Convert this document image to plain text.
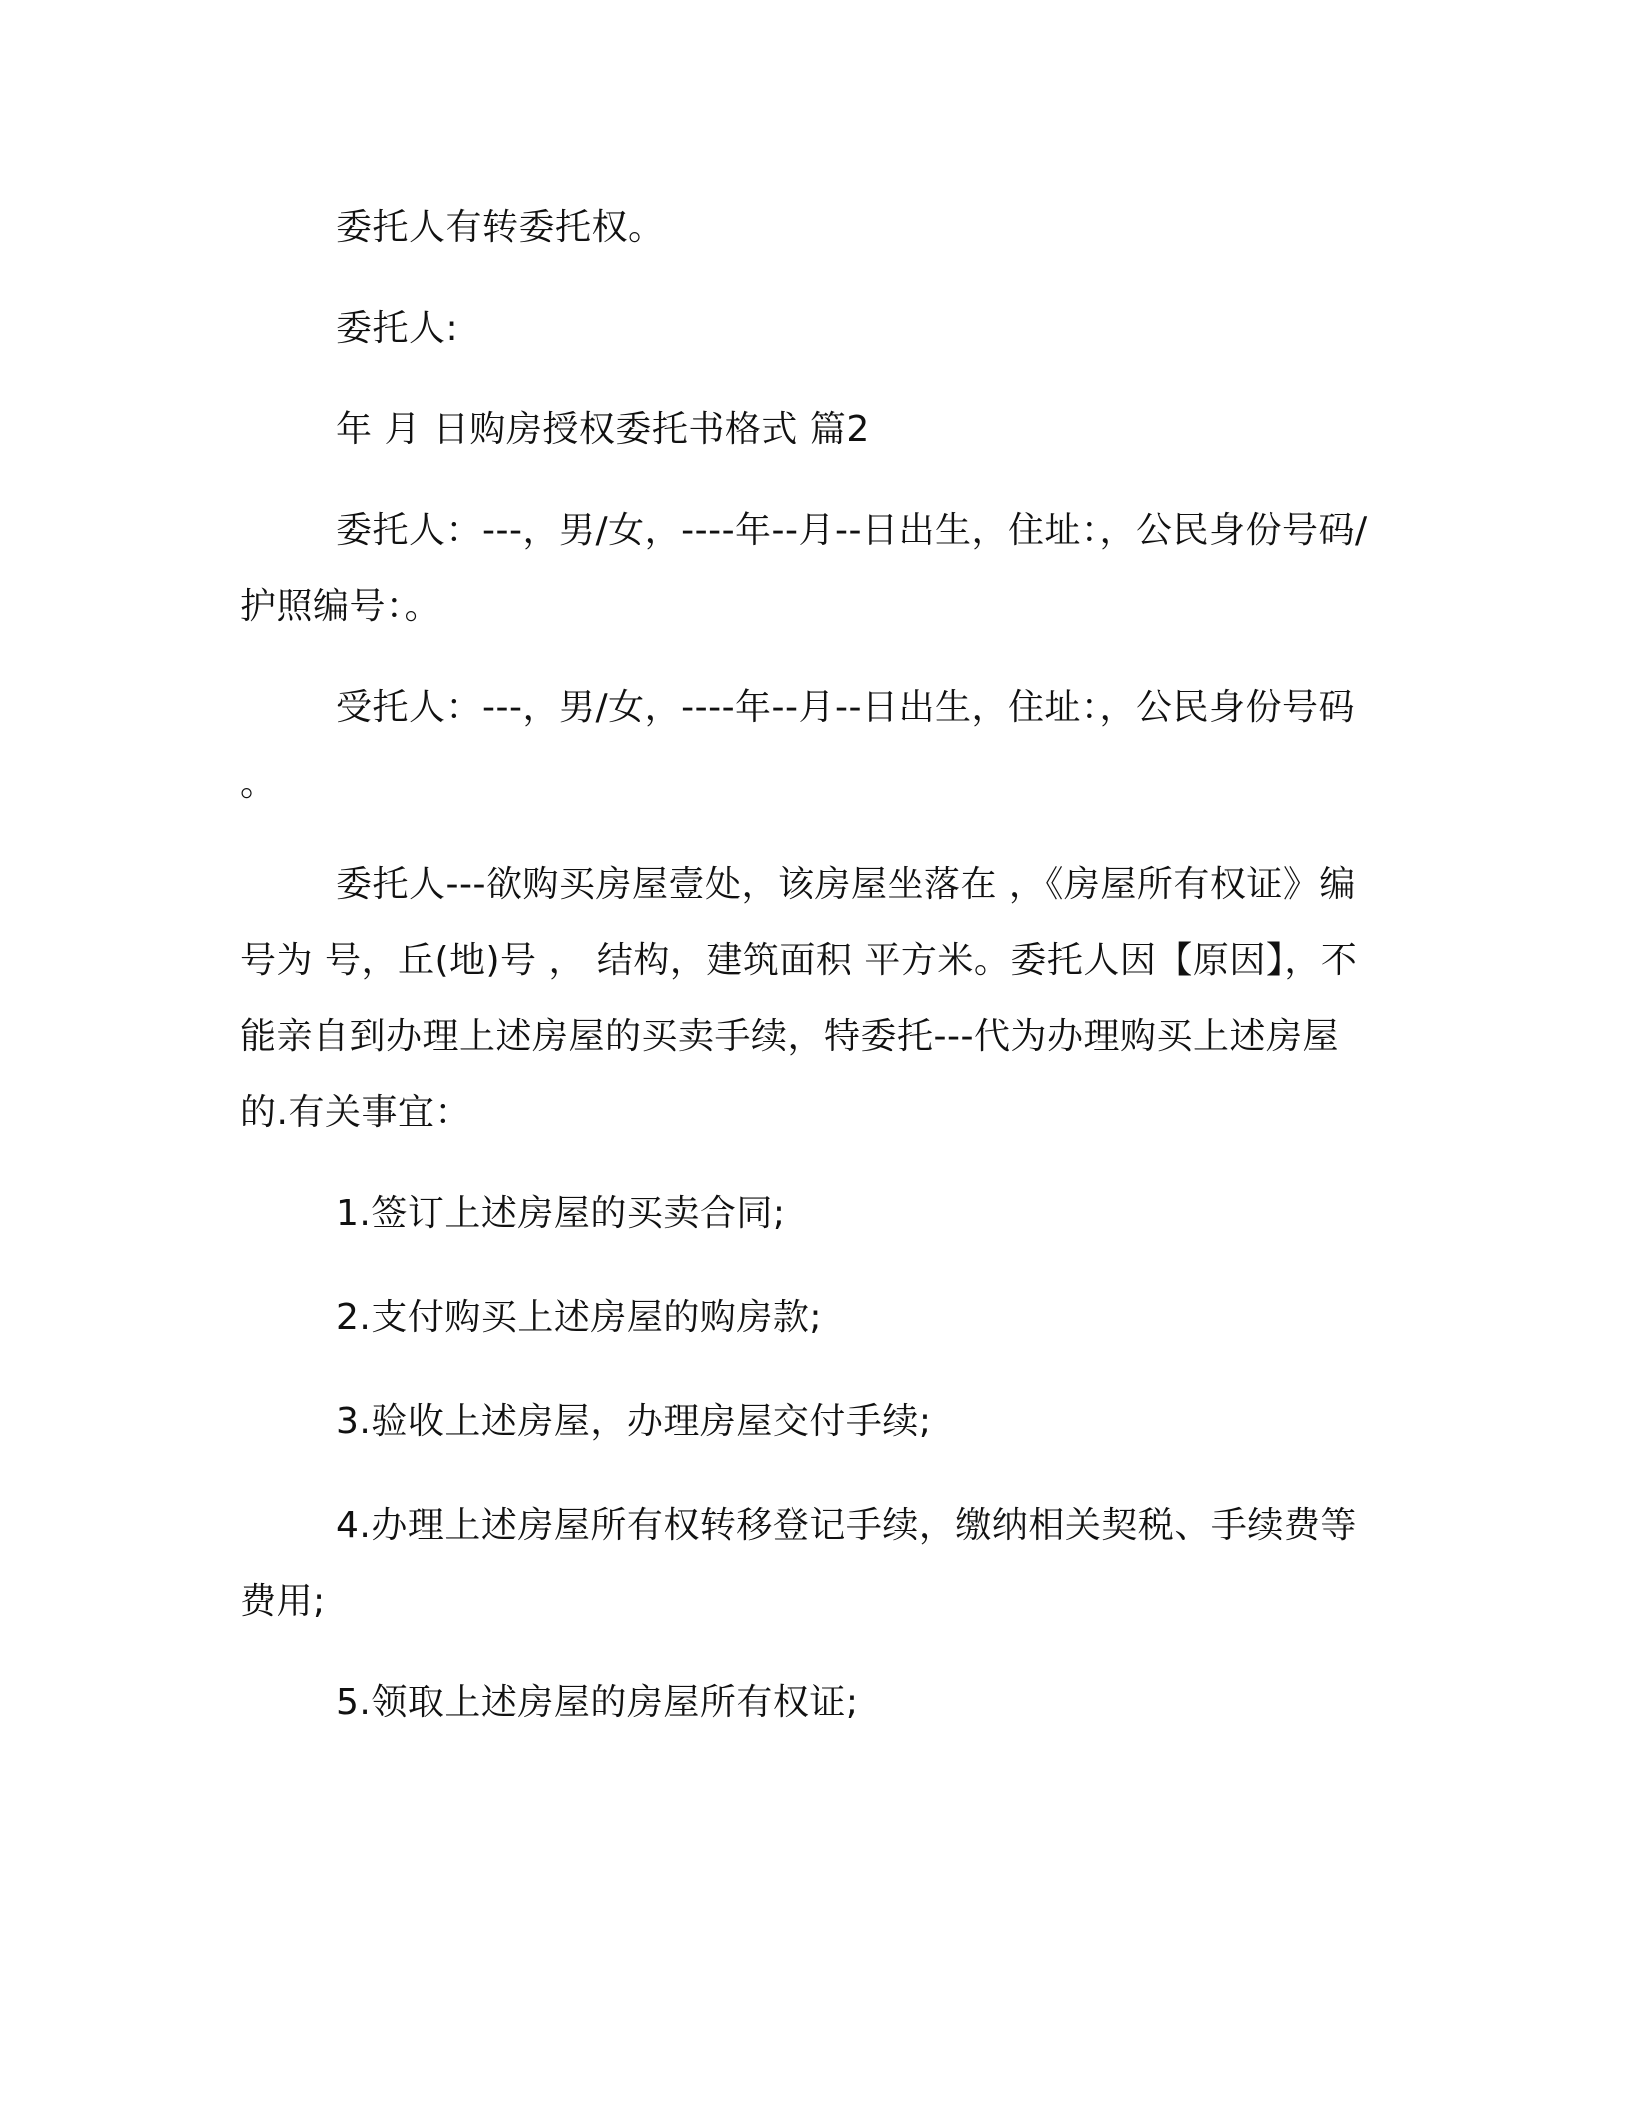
委托人有转委托权。

委托人:

年 月 日购房授权委托书格式 篇2

委托人：---，男/女，----年--月--日出生，住址：，公民身份号码/护照编号：。

受托人：---，男/女，----年--月--日出生，住址：，公民身份号码 。

委托人---欲购买房屋壹处，该房屋坐落在 ，《房屋所有权证》编号为 号，丘(地)号 ， 结构，建筑面积 平方米。委托人因【原因】，不能亲自到办理上述房屋的买卖手续，特委托---代为办理购买上述房屋的.有关事宜：

1.签订上述房屋的买卖合同;

2.支付购买上述房屋的购房款;

3.验收上述房屋，办理房屋交付手续;

4.办理上述房屋所有权转移登记手续，缴纳相关契税、手续费等费用;

5.领取上述房屋的房屋所有权证;
